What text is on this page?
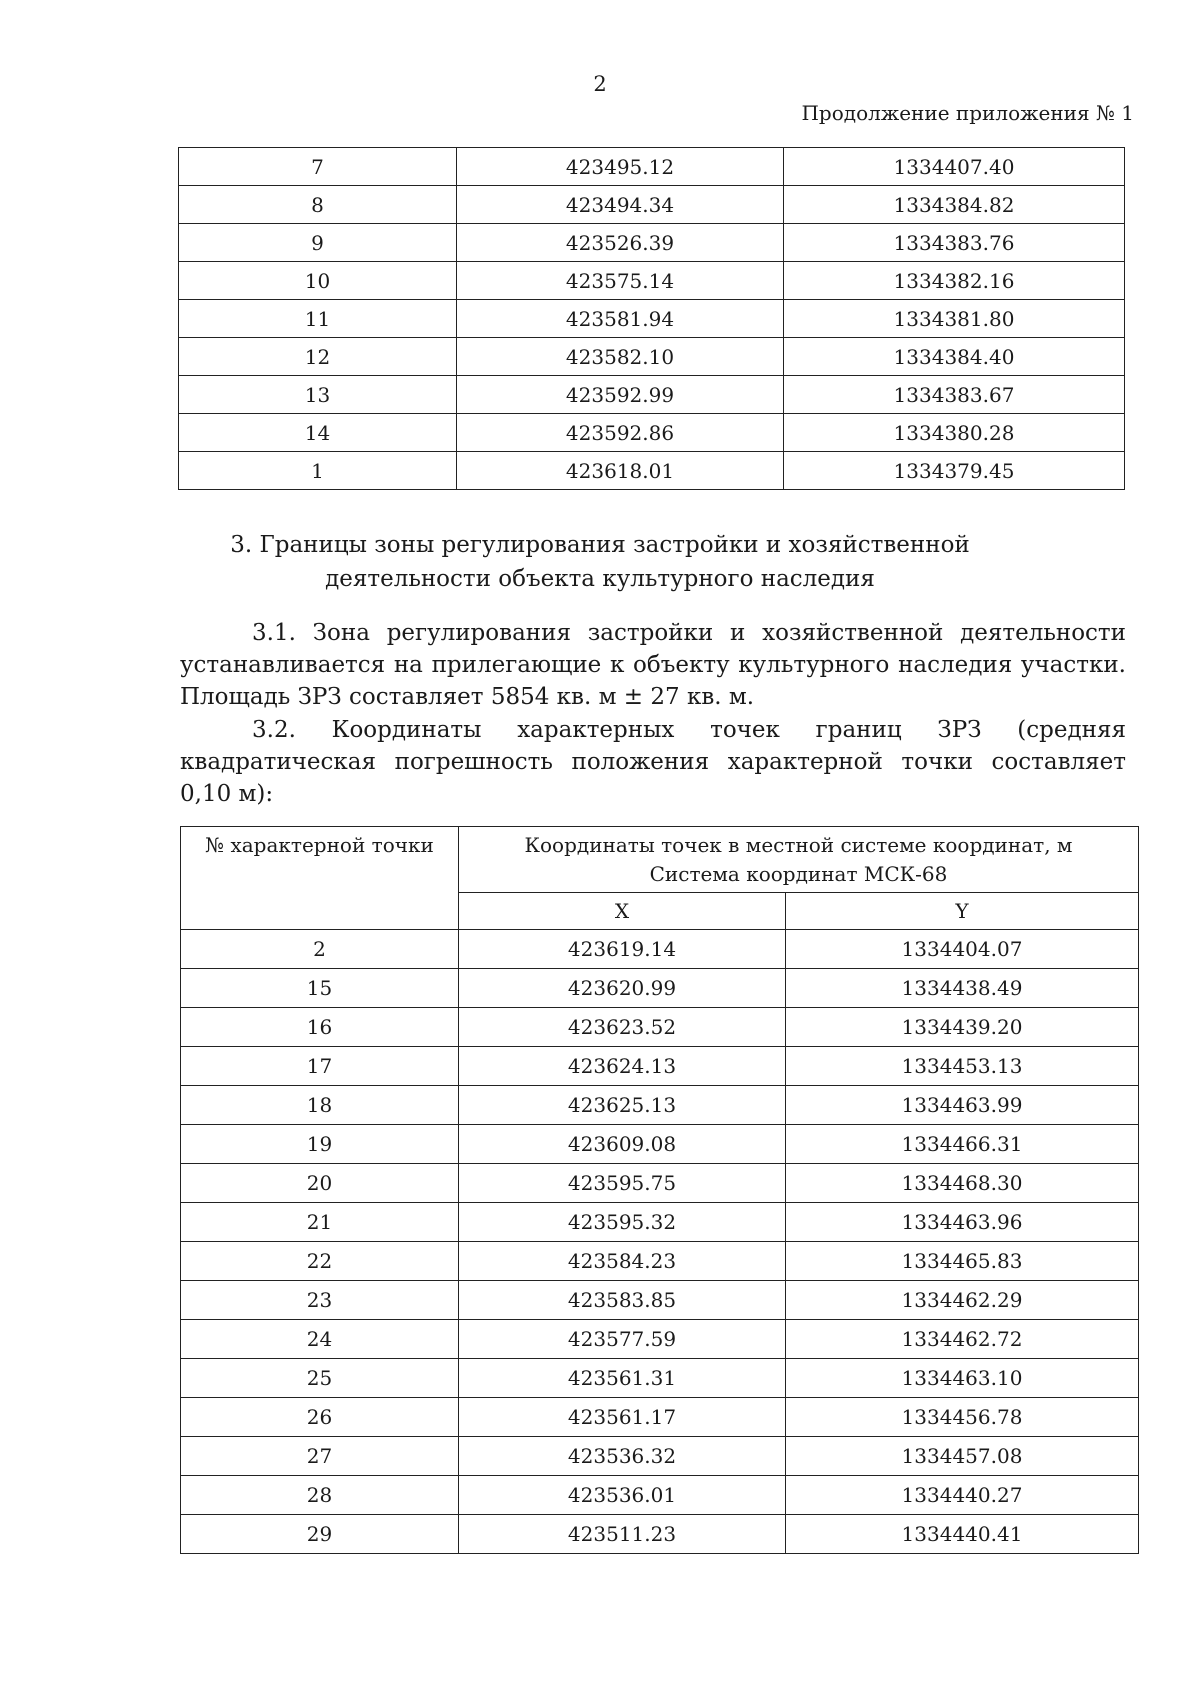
2
Продолжение приложения № 1
7	423495.12	1334407.40
8	423494.34	1334384.82
9	423526.39	1334383.76
10	423575.14	1334382.16
11	423581.94	1334381.80
12	423582.10	1334384.40
13	423592.99	1334383.67
14	423592.86	1334380.28
1	423618.01	1334379.45
3. Границы зоны регулирования застройки и хозяйственной
деятельности объекта культурного наследия
3.1. Зона регулирования застройки и хозяйственной деятельности
устанавливается на прилегающие к объекту культурного наследия участки.
Площадь ЗРЗ составляет 5854 кв. м ± 27 кв. м.
3.2. Координаты характерных точек границ ЗРЗ (средняя
квадратическая погрешность положения характерной точки составляет
0,10 м):
№ характерной точки	Координаты точек в местной системе координат, м
Система координат МСК-68	

	X	Y
2	423619.14	1334404.07
15	423620.99	1334438.49
16	423623.52	1334439.20
17	423624.13	1334453.13
18	423625.13	1334463.99
19	423609.08	1334466.31
20	423595.75	1334468.30
21	423595.32	1334463.96
22	423584.23	1334465.83
23	423583.85	1334462.29
24	423577.59	1334462.72
25	423561.31	1334463.10
26	423561.17	1334456.78
27	423536.32	1334457.08
28	423536.01	1334440.27
29	423511.23	1334440.41
